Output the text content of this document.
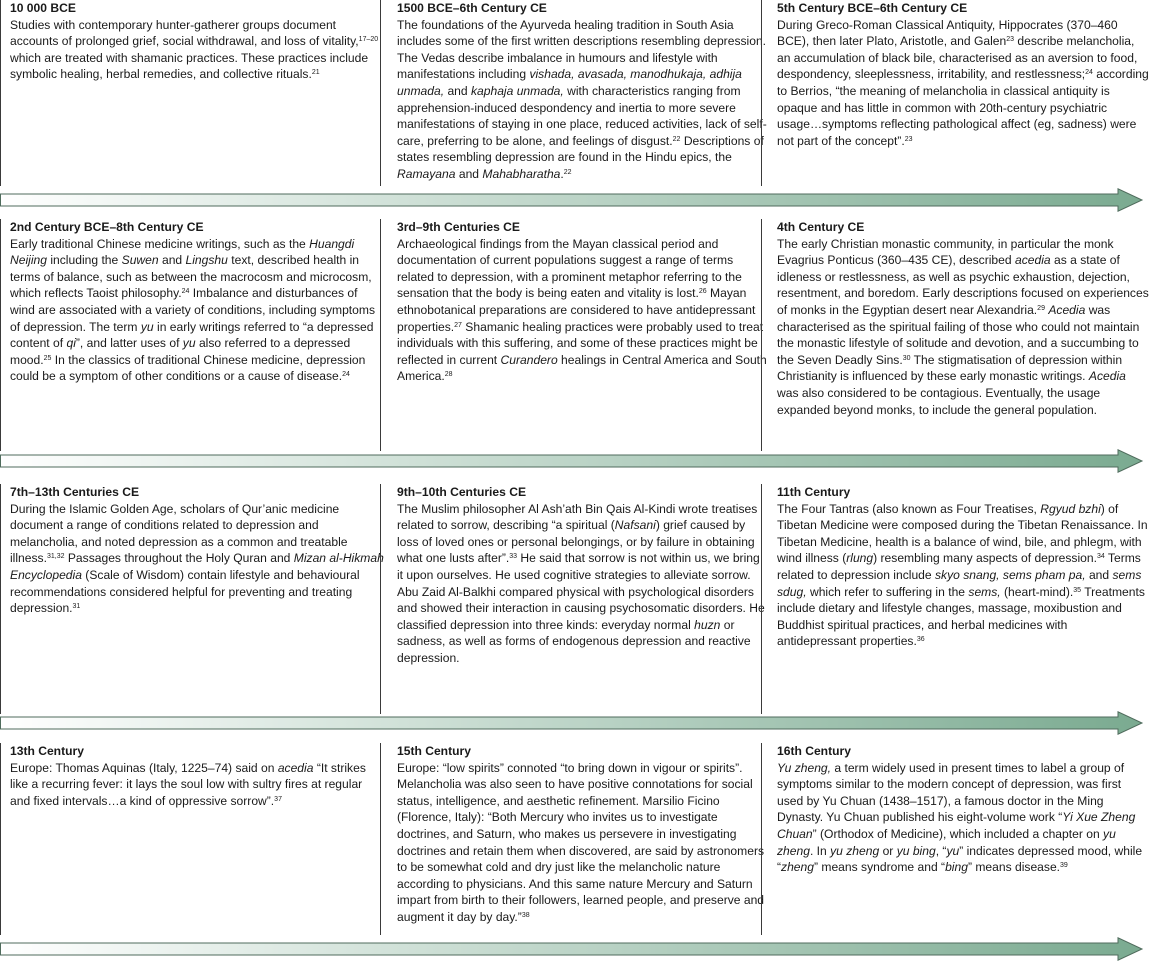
10 000 BCE

Studies with contemporary hunter-gatherer groups document accounts of prolonged grief, social withdrawal, and loss of vitality,$^{17-20}$ which are treated with shamanic practices. These practices include symbolic healing, herbal remedies, and collective rituals.$^{21}$

1500 BCE–6th Century CE

The foundations of the Ayurveda healing tradition in South Asia includes some of the first written descriptions resembling depression. The Vedas describe imbalance in humours and lifestyle with manifestations including vishada, avasada, manodhukaja, adhija unmada, and kaphaja unmada, with characteristics ranging from apprehension-induced despondency and inertia to more severe manifestations of staying in one place, reduced activities, lack of self-care, preferring to be alone, and feelings of disgust.$^{22}$ Descriptions of states resembling depression are found in the Hindu epics, the Ramayana and Mahabharatha.$^{22}$

5th Century BCE–6th Century CE

During Greco-Roman Classical Antiquity, Hippocrates (370–460 BCE), then later Plato, Aristotle, and Galen$^{23}$ describe melancholia, an accumulation of black bile, characterised as an aversion to food, despondency, sleeplessness, irritability, and restlessness;$^{24}$ according to Berrios, “the meaning of melancholia in classical antiquity is opaque and has little in common with 20th-century psychiatric usage…symptoms reflecting pathological affect (eg, sadness) were not part of the concept”.$^{23}$

2nd Century BCE–8th Century CE

Early traditional Chinese medicine writings, such as the Huangdi Neijing including the Suwen and Lingshu text, described health in terms of balance, such as between the macrocosm and microcosm, which reflects Taoist philosophy.$^{24}$ Imbalance and disturbances of wind are associated with a variety of conditions, including symptoms of depression. The term yu in early writings referred to “a depressed content of qi”, and latter uses of yu also referred to a depressed mood.$^{25}$ In the classics of traditional Chinese medicine, depression could be a symptom of other conditions or a cause of disease.$^{24}$

3rd–9th Centuries CE

Archaeological findings from the Mayan classical period and documentation of current populations suggest a range of terms related to depression, with a prominent metaphor referring to the sensation that the body is being eaten and vitality is lost.$^{26}$ Mayan ethnobotanical preparations are considered to have antidepressant properties.$^{27}$ Shamanic healing practices were probably used to treat individuals with this suffering, and some of these practices might be reflected in current Curandero healings in Central America and South America.$^{28}$

4th Century CE

The early Christian monastic community, in particular the monk Evagrius Ponticus (360–435 CE), described acedia as a state of idleness or restlessness, as well as psychic exhaustion, dejection, resentment, and boredom. Early descriptions focused on experiences of monks in the Egyptian desert near Alexandria.$^{29}$ Acedia was characterised as the spiritual failing of those who could not maintain the monastic lifestyle of solitude and devotion, and a succumbing to the Seven Deadly Sins.$^{30}$ The stigmatisation of depression within Christianity is influenced by these early monastic writings. Acedia was also considered to be contagious. Eventually, the usage expanded beyond monks, to include the general population.

7th–13th Centuries CE

During the Islamic Golden Age, scholars of Qur’anic medicine document a range of conditions related to depression and melancholia, and noted depression as a common and treatable illness.$^{31,32}$ Passages throughout the Holy Quran and Mizan al-Hikmah Encyclopedia (Scale of Wisdom) contain lifestyle and behavioural recommendations considered helpful for preventing and treating depression.$^{31}$

9th–10th Centuries CE

The Muslim philosopher Al Ash’ath Bin Qais Al-Kindi wrote treatises related to sorrow, describing “a spiritual (Nafsani) grief caused by loss of loved ones or personal belongings, or by failure in obtaining what one lusts after”.$^{33}$ He said that sorrow is not within us, we bring it upon ourselves. He used cognitive strategies to alleviate sorrow. Abu Zaid Al-Balkhi compared physical with psychological disorders and showed their interaction in causing psychosomatic disorders. He classified depression into three kinds: everyday normal huzn or sadness, as well as forms of endogenous depression and reactive depression.

11th Century

The Four Tantras (also known as Four Treatises, Rgyud bzhi) of Tibetan Medicine were composed during the Tibetan Renaissance. In Tibetan Medicine, health is a balance of wind, bile, and phlegm, with wind illness (rlung) resembling many aspects of depression.$^{34}$ Terms related to depression include skyo snang, sems pham pa, and sems sdug, which refer to suffering in the sems, (heart-mind).$^{35}$ Treatments include dietary and lifestyle changes, massage, moxibustion and Buddhist spiritual practices, and herbal medicines with antidepressant properties.$^{36}$

13th Century

Europe: Thomas Aquinas (Italy, 1225–74) said on acedia “It strikes like a recurring fever: it lays the soul low with sultry fires at regular and fixed intervals…a kind of oppressive sorrow”.$^{37}$

15th Century

Europe: “low spirits” connoted “to bring down in vigour or spirits”. Melancholia was also seen to have positive connotations for social status, intelligence, and aesthetic refinement. Marsilio Ficino (Florence, Italy): “Both Mercury who invites us to investigate doctrines, and Saturn, who makes us persevere in investigating doctrines and retain them when discovered, are said by astronomers to be somewhat cold and dry just like the melancholic nature according to physicians. And this same nature Mercury and Saturn impart from birth to their followers, learned people, and preserve and augment it day by day.”$^{38}$

16th Century

Yu zheng, a term widely used in present times to label a group of symptoms similar to the modern concept of depression, was first used by Yu Chuan (1438–1517), a famous doctor in the Ming Dynasty. Yu Chuan published his eight-volume work “Yi Xue Zheng Chuan” (Orthodox of Medicine), which included a chapter on yu zheng. In yu zheng or yu bing, “yu” indicates depressed mood, while “zheng” means syndrome and “bing” means disease.$^{39}$
